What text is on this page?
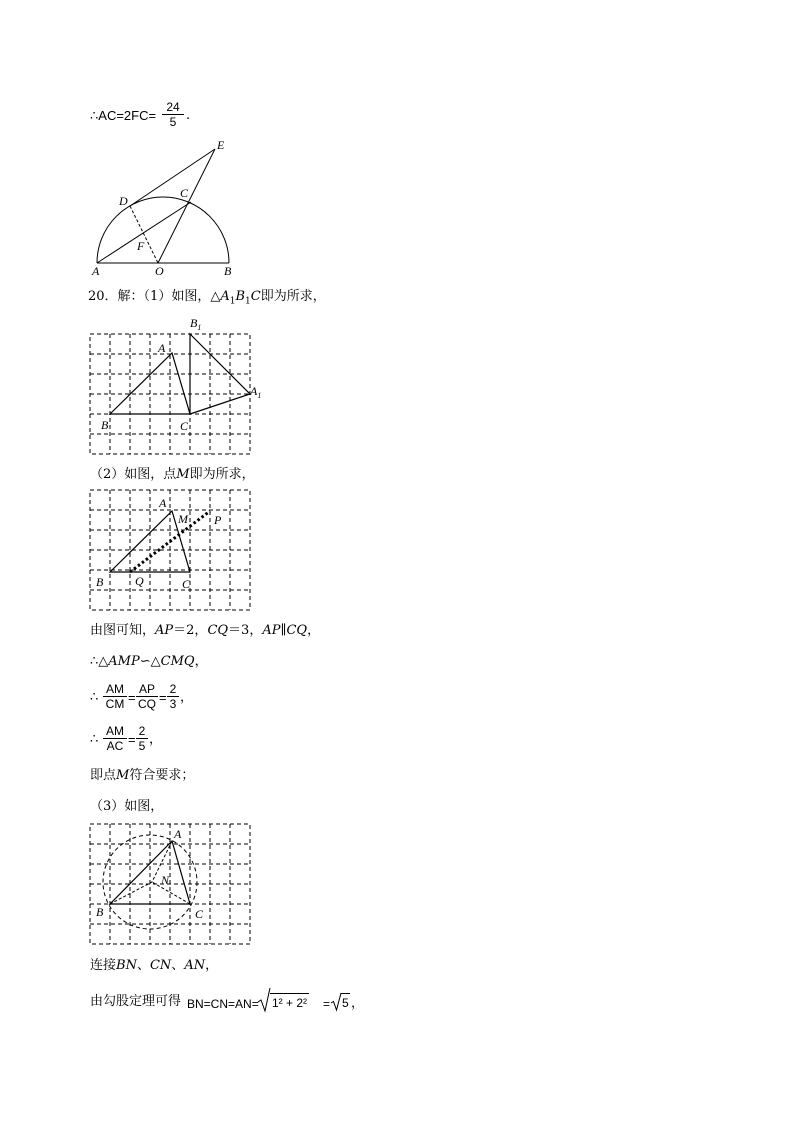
∴AC=2FC= $\frac{24}{5}$ .
E
D
C
F
A	O	B
20．解：（1）如图，$\triangle A_1B_1C$即为所求，
$B_1$
A
$A_1$
B	C
（2）如图，点M即为所求，
A
M P
B	Q	C
由图可知，AP＝2，CQ＝3，AP∥CQ，
∴△AMP∽△CMQ，
∴ $\frac{AM}{CM} = \frac{AP}{CQ} = \frac{2}{3}$ ，
∴ $\frac{AM}{AC} = \frac{2}{5}$ ，
即点M符合要求；
（3）如图，
A
N
B	C
连接BN、CN、AN，
由勾股定理可得 BN=CN=AN= 1² + 2² = 5 ，
